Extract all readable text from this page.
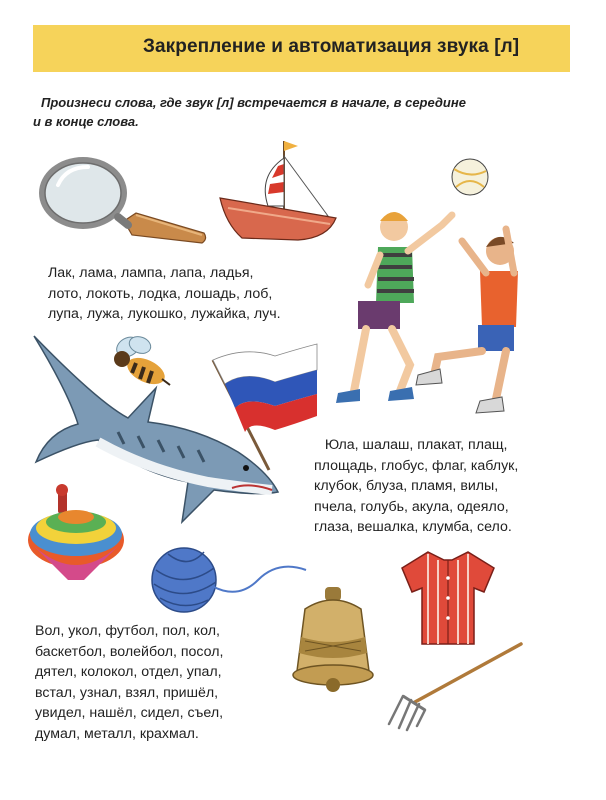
Закрепление и автоматизация звука [л]
Произнеси слова, где звук [л] встречается в начале, в середине
и в конце слова.
Лак, лама, лампа, лапа, ладья,
лото, локоть, лодка, лошадь, лоб,
лупа, лужа, лукошко, лужайка, луч.
Юла, шалаш, плакат, плащ,
площадь, глобус, флаг, каблук,
клубок, блуза, пламя, вилы,
пчела, голубь, акула, одеяло,
глаза, вешалка, клумба, село.
Вол, укол, футбол, пол, кол,
баскетбол, волейбол, посол,
дятел, колокол, отдел, упал,
встал, узнал, взял, пришёл,
увидел, нашёл, сидел, съел,
думал, металл, крахмал.
